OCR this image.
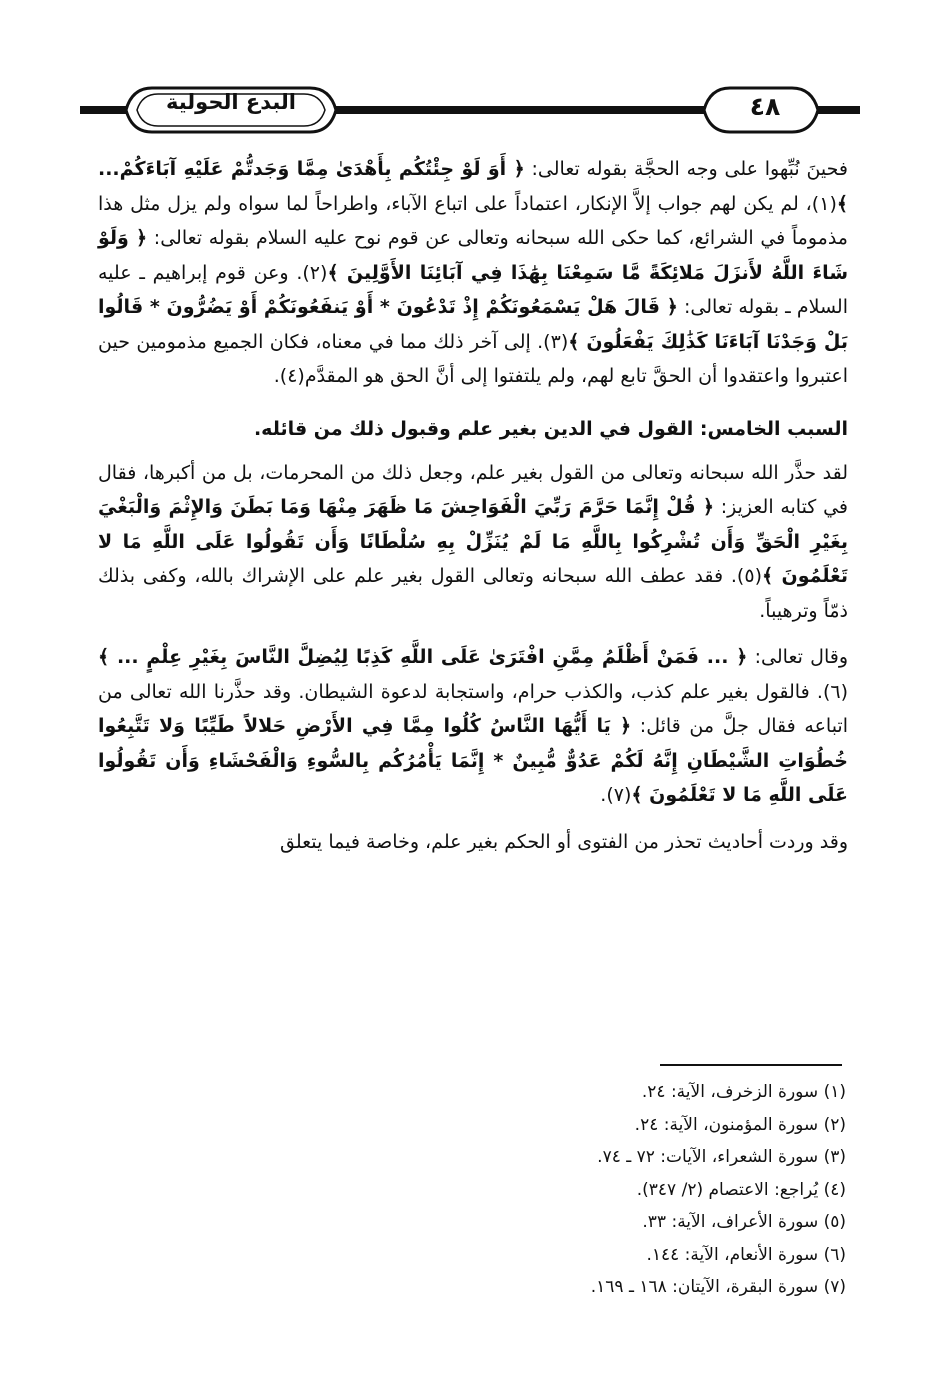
٤٨
البدع الحولية

فحينَ نُبِّهوا على وجه الحجَّة بقوله تعالى: ﴿ أَوَ لَوْ جِئْتُكُم بِأَهْدَىٰ مِمَّا وَجَدتُّمْ عَلَيْهِ آبَاءَكُمْ... ﴾(١)، لم يكن لهم جواب إلاَّ الإنكار، اعتماداً على اتباع الآباء، واطراحاً لما سواه ولم يزل مثل هذا مذموماً في الشرائع، كما حكى الله سبحانه وتعالى عن قوم نوح عليه السلام بقوله تعالى: ﴿ وَلَوْ شَاءَ اللَّهُ لأَنزَلَ مَلائِكَةً مَّا سَمِعْنَا بِهَٰذَا فِي آبَائِنَا الأَوَّلِينَ ﴾(٢). وعن قوم إبراهيم ـ عليه السلام ـ بقوله تعالى: ﴿ قَالَ هَلْ يَسْمَعُونَكُمْ إِذْ تَدْعُونَ * أَوْ يَنفَعُونَكُمْ أَوْ يَضُرُّونَ * قَالُوا بَلْ وَجَدْنَا آبَاءَنَا كَذَٰلِكَ يَفْعَلُونَ ﴾(٣). إلى آخر ذلك مما في معناه، فكان الجميع مذمومين حين اعتبروا واعتقدوا أن الحقَّ تابع لهم، ولم يلتفتوا إلى أنَّ الحق هو المقدَّم(٤).

السبب الخامس: القول في الدين بغير علم وقبول ذلك من قائله.

لقد حذَّر الله سبحانه وتعالى من القول بغير علم، وجعل ذلك من المحرمات، بل من أكبرها، فقال في كتابه العزيز: ﴿ قُلْ إِنَّمَا حَرَّمَ رَبِّيَ الْفَوَاحِشَ مَا ظَهَرَ مِنْهَا وَمَا بَطَنَ وَالإِثْمَ وَالْبَغْيَ بِغَيْرِ الْحَقِّ وَأَن تُشْرِكُوا بِاللَّهِ مَا لَمْ يُنَزِّلْ بِهِ سُلْطَانًا وَأَن تَقُولُوا عَلَى اللَّهِ مَا لا تَعْلَمُونَ ﴾(٥). فقد عطف الله سبحانه وتعالى القول بغير علم على الإشراك بالله، وكفى بذلك ذمّاً وترهيباً.

وقال تعالى: ﴿ ... فَمَنْ أَظْلَمُ مِمَّنِ افْتَرَىٰ عَلَى اللَّهِ كَذِبًا لِيُضِلَّ النَّاسَ بِغَيْرِ عِلْمٍ ... ﴾(٦). فالقول بغير علم كذب، والكذب حرام، واستجابة لدعوة الشيطان. وقد حذَّرنا الله تعالى من اتباعه فقال جلَّ من قائل: ﴿ يَا أَيُّهَا النَّاسُ كُلُوا مِمَّا فِي الأَرْضِ حَلالاً طَيِّبًا وَلا تَتَّبِعُوا خُطُوَاتِ الشَّيْطَانِ إِنَّهُ لَكُمْ عَدُوٌّ مُّبِينٌ * إِنَّمَا يَأْمُرُكُم بِالسُّوءِ وَالْفَحْشَاءِ وَأَن تَقُولُوا عَلَى اللَّهِ مَا لا تَعْلَمُونَ ﴾(٧).

وقد وردت أحاديث تحذر من الفتوى أو الحكم بغير علم، وخاصة فيما يتعلق

(١) سورة الزخرف، الآية: ٢٤.

(٢) سورة المؤمنون، الآية: ٢٤.

(٣) سورة الشعراء، الآيات: ٧٢ ـ ٧٤.

(٤) يُراجع: الاعتصام (٢/ ٣٤٧).

(٥) سورة الأعراف، الآية: ٣٣.

(٦) سورة الأنعام، الآية: ١٤٤.

(٧) سورة البقرة، الآيتان: ١٦٨ ـ ١٦٩.
